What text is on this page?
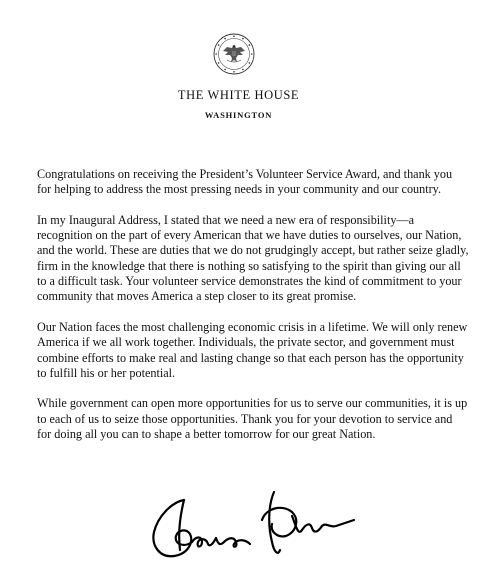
THE WHITE HOUSE
WASHINGTON

Congratulations on receiving the President’s Volunteer Service Award, and thank you for helping to address the most pressing needs in your community and our country.

In my Inaugural Address, I stated that we need a new era of responsibility—a recognition on the part of every American that we have duties to ourselves, our Nation, and the world. These are duties that we do not grudgingly accept, but rather seize gladly, firm in the knowledge that there is nothing so satisfying to the spirit than giving our all to a difficult task. Your volunteer service demonstrates the kind of commitment to your community that moves America a step closer to its great promise.

Our Nation faces the most challenging economic crisis in a lifetime. We will only renew America if we all work together. Individuals, the private sector, and government must combine efforts to make real and lasting change so that each person has the opportunity to fulfill his or her potential.

While government can open more opportunities for us to serve our communities, it is up to each of us to seize those opportunities. Thank you for your devotion to service and for doing all you can to shape a better tomorrow for our great Nation.
